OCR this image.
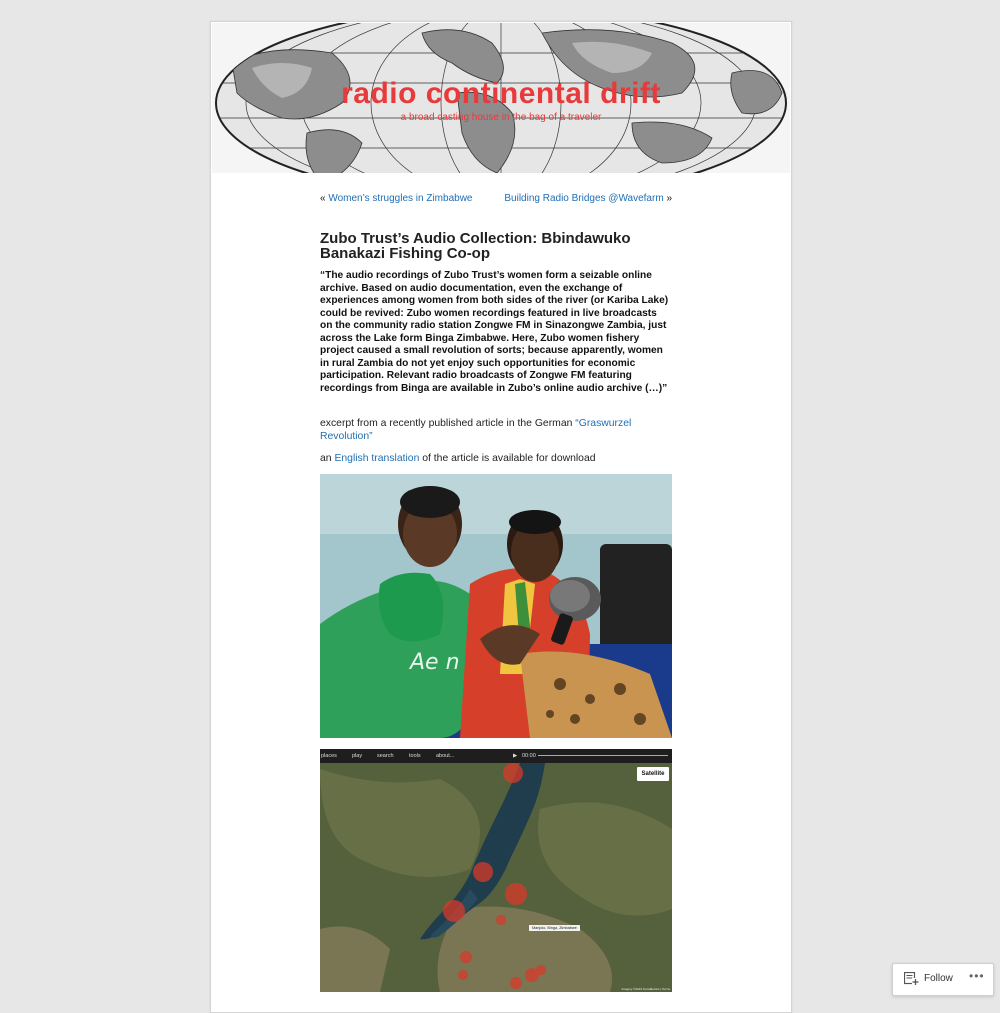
radio continental drift
a broad casting house in the bag of a traveler
« Women’s struggles in Zimbabwe	Building Radio Bridges @Wavefarm »
Zubo Trust’s Audio Collection: Bbindawuko Banakazi Fishing Co-op

“The audio recordings of Zubo Trust’s women form a seizable online archive. Based on audio documentation, even the exchange of experiences among women from both sides of the river (or Kariba Lake) could be revived: Zubo women recordings featured in live broadcasts on the community radio station Zongwe FM in Sinazongwe Zambia, just across the Lake form Binga Zimbabwe. Here, Zubo women fishery project caused a small revolution of sorts; because apparently, women in rural Zambia do not yet enjoy such opportunities for economic participation. Relevant radio broadcasts of Zongwe FM featuring recordings from Binga are available in Zubo’s online audio archive (…)”

excerpt from a recently published article in the German “Graswurzel Revolution”

an English translation of the article is available for download

Ae n
places	play	search	tools	about...	▶ 00:00
Satellite
Manjolo, Binga, Zimbabwe
Imagery ©2016 TerraMetrics | Terms
Follow •••
